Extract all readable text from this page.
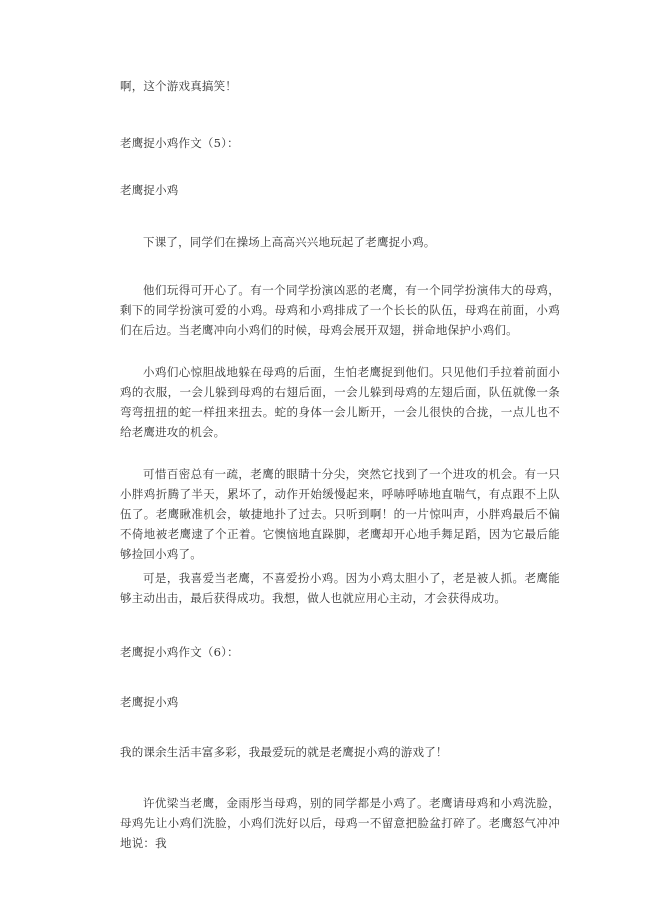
啊，这个游戏真搞笑！

老鹰捉小鸡作文（5）：

老鹰捉小鸡

下课了，同学们在操场上高高兴兴地玩起了老鹰捉小鸡。

他们玩得可开心了。有一个同学扮演凶恶的老鹰，有一个同学扮演伟大的母鸡，剩下的同学扮演可爱的小鸡。母鸡和小鸡排成了一个长长的队伍，母鸡在前面，小鸡们在后边。当老鹰冲向小鸡们的时候，母鸡会展开双翅，拼命地保护小鸡们。

小鸡们心惊胆战地躲在母鸡的后面，生怕老鹰捉到他们。只见他们手拉着前面小鸡的衣服，一会儿躲到母鸡的右翅后面，一会儿躲到母鸡的左翅后面，队伍就像一条弯弯扭扭的蛇一样扭来扭去。蛇的身体一会儿断开，一会儿很快的合拢，一点儿也不给老鹰进攻的机会。

可惜百密总有一疏，老鹰的眼睛十分尖，突然它找到了一个进攻的机会。有一只小胖鸡折腾了半天，累坏了，动作开始缓慢起来，呼哧呼哧地直喘气，有点跟不上队伍了。老鹰瞅准机会，敏捷地扑了过去。只听到啊！的一片惊叫声，小胖鸡最后不偏不倚地被老鹰逮了个正着。它懊恼地直跺脚，老鹰却开心地手舞足蹈，因为它最后能够捡回小鸡了。

可是，我喜爱当老鹰，不喜爱扮小鸡。因为小鸡太胆小了，老是被人抓。老鹰能够主动出击，最后获得成功。我想，做人也就应用心主动，才会获得成功。

老鹰捉小鸡作文（6）：

老鹰捉小鸡

我的课余生活丰富多彩，我最爱玩的就是老鹰捉小鸡的游戏了！

许优梁当老鹰，金雨彤当母鸡，别的同学都是小鸡了。老鹰请母鸡和小鸡洗脸，母鸡先让小鸡们洗脸，小鸡们洗好以后，母鸡一不留意把脸盆打碎了。老鹰怒气冲冲地说：我
